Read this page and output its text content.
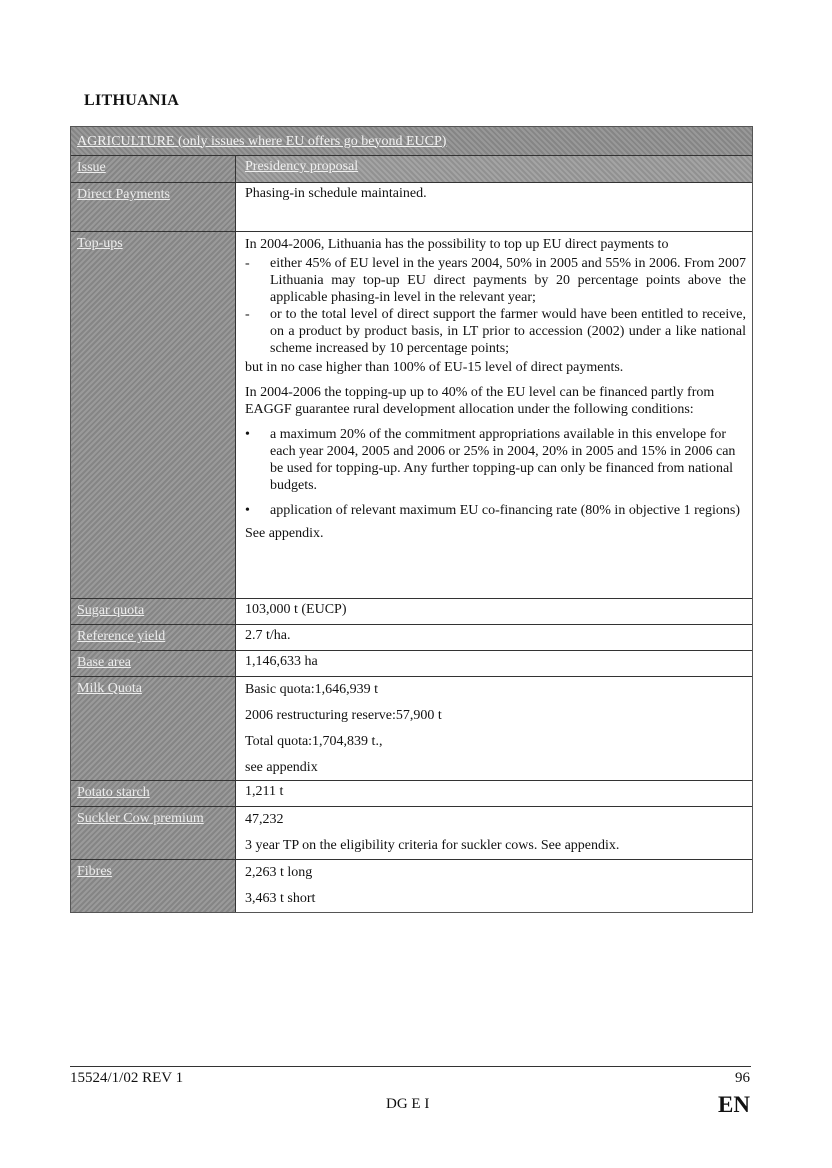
LITHUANIA
AGRICULTURE (only issues where EU offers go beyond EUCP)
Issue	Presidency proposal
Direct Payments	Phasing-in schedule maintained.

Top-ups	In 2004-2006, Lithuania has the possibility to top up EU direct payments to

-	either 45% of EU level in the years 2004, 50% in 2005 and 55% in 2006. From 2007 Lithuania may top-up EU direct payments by 20 percentage points above the applicable phasing-in level in the relevant year;
-	or to the total level of direct support the farmer would have been entitled to receive, on a product by product basis, in LT prior to accession (2002) under a like national scheme increased by 10 percentage points;

but in no case higher than 100% of EU-15 level of direct payments.

In 2004-2006 the topping-up up to 40% of the EU level can be financed partly from EAGGF guarantee rural development allocation under the following conditions:

•	a maximum 20% of the commitment appropriations available in this envelope for each year 2004, 2005 and 2006 or 25% in 2004, 20% in 2005 and 15% in 2006 can be used for topping-up. Any further topping-up can only be financed from national budgets.
•	application of relevant maximum EU co-financing rate (80% in objective 1 regions)

See appendix.

Sugar quota	103,000 t (EUCP)
Reference yield	2.7 t/ha.
Base area	1,146,633 ha
Milk Quota	Basic quota:1,646,939 t
2006 restructuring reserve:57,900 t
Total quota:1,704,839 t.,
see appendix
Potato starch	1,211 t
Suckler Cow premium	47,232
3 year TP on the eligibility criteria for suckler cows. See appendix.
Fibres	2,263 t long
3,463 t short
15524/1/02 REV 1	96
DG E I	EN
